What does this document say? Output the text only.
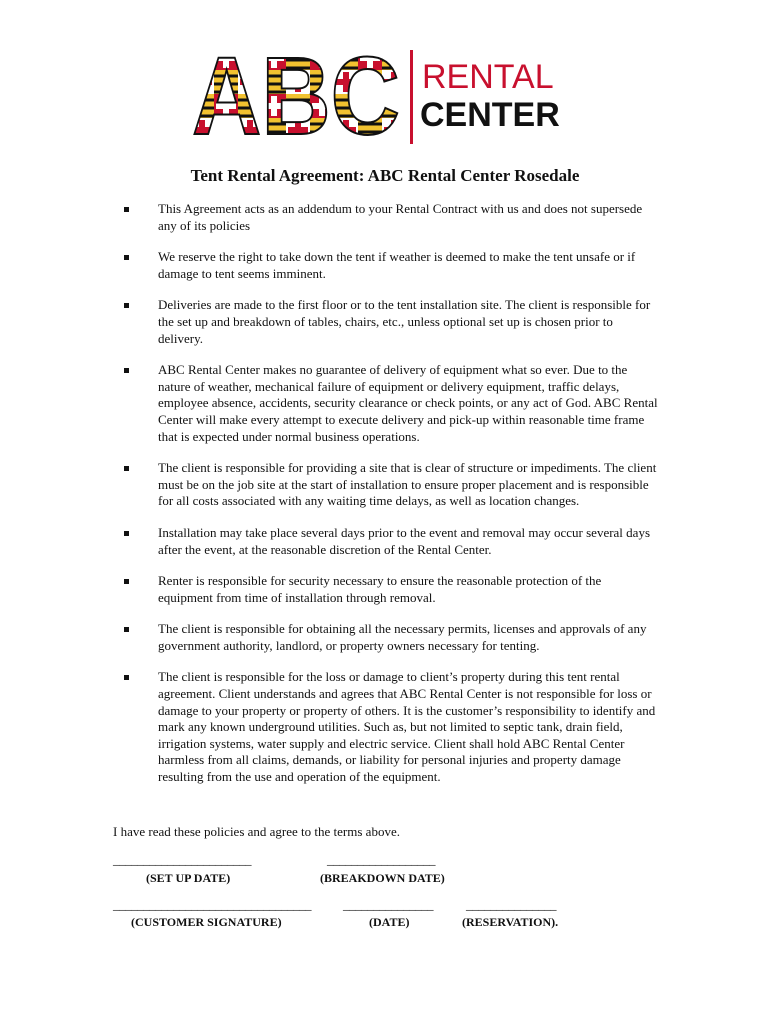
ABC RENTAL
CENTER
Tent Rental Agreement: ABC Rental Center Rosedale
This Agreement acts as an addendum to your Rental Contract with us and does not supersede any of its policies
We reserve the right to take down the tent if weather is deemed to make the tent unsafe or if damage to tent seems imminent.
Deliveries are made to the first floor or to the tent installation site. The client is responsible for the set up and breakdown of tables, chairs, etc., unless optional set up is chosen prior to delivery.
ABC Rental Center makes no guarantee of delivery of equipment what so ever. Due to the nature of weather, mechanical failure of equipment or delivery equipment, traffic delays, employee absence, accidents, security clearance or check points, or any act of God. ABC Rental Center will make every attempt to execute delivery and pick-up within reasonable time frame that is expected under normal business operations.
The client is responsible for providing a site that is clear of structure or impediments. The client must be on the job site at the start of installation to ensure proper placement and is responsible for all costs associated with any waiting time delays, as well as location changes.
Installation may take place several days prior to the event and removal may occur several days after the event, at the reasonable discretion of the Rental Center.
Renter is responsible for security necessary to ensure the reasonable protection of the equipment from time of installation through removal.
The client is responsible for obtaining all the necessary permits, licenses and approvals of any government authority, landlord, or property owners necessary for tenting.
The client is responsible for the loss or damage to client’s property during this tent rental agreement. Client understands and agrees that ABC Rental Center is not responsible for loss or damage to your property or property of others. It is the customer’s responsibility to identify and mark any known underground utilities. Such as, but not limited to septic tank, drain field, irrigation systems, water supply and electric service. Client shall hold ABC Rental Center harmless from all claims, demands, or liability for personal injuries and property damage resulting from the use and operation of the equipment.
I have read these policies and agree to the terms above.
_______________________
(SET UP DATE)
__________________
(BREAKDOWN DATE)
_________________________________
(CUSTOMER SIGNATURE)
_______________
(DATE)
_______________
(RESERVATION).
